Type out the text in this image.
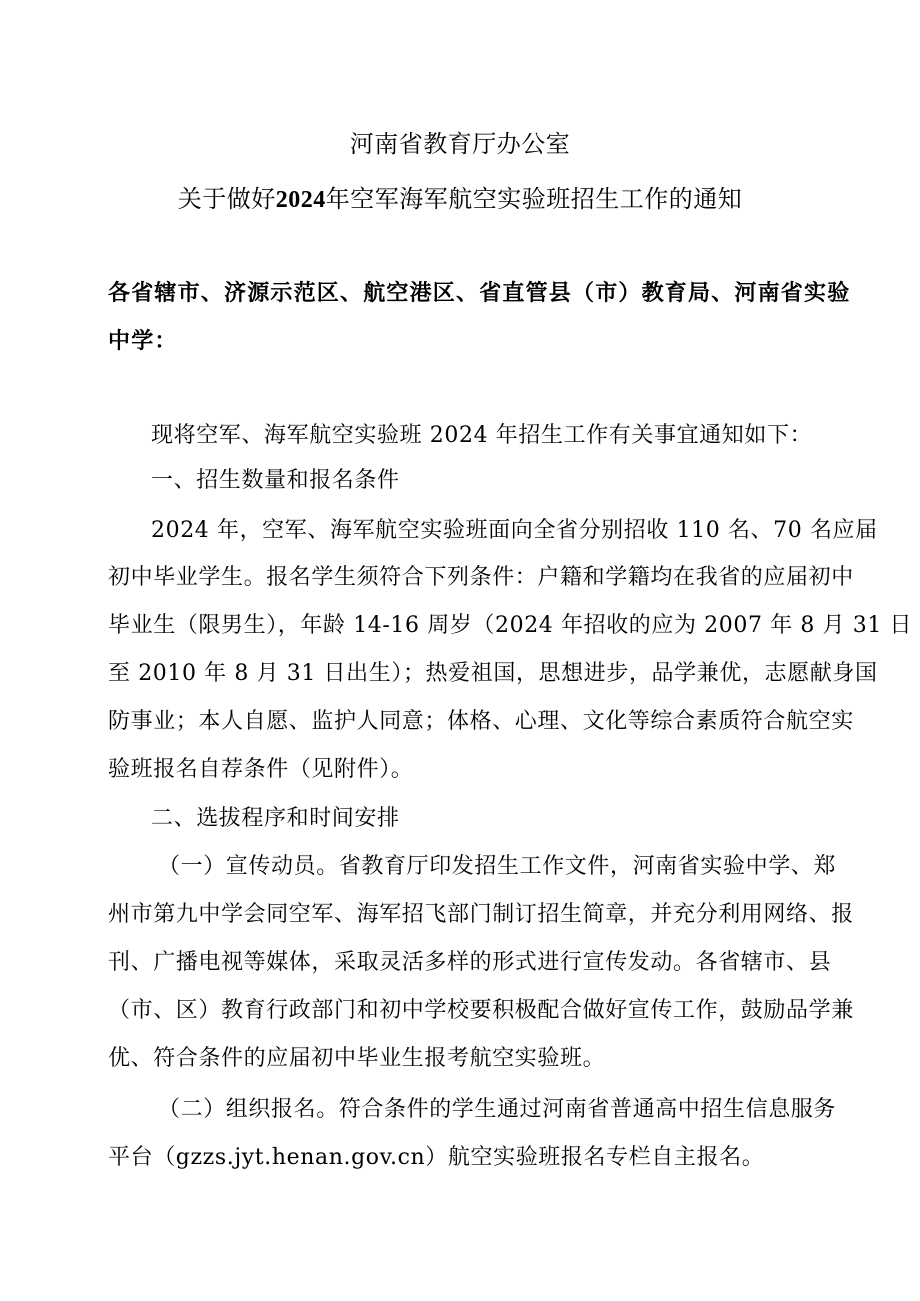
河南省教育厅办公室
关于做好2024年空军海军航空实验班招生工作的通知
各省辖市、济源示范区、航空港区、省直管县（市）教育局、河南省实验
中学：
现将空军、海军航空实验班 2024 年招生工作有关事宜通知如下：
一、招生数量和报名条件
2024 年，空军、海军航空实验班面向全省分别招收 110 名、70 名应届
初中毕业学生。报名学生须符合下列条件：户籍和学籍均在我省的应届初中
毕业生（限男生），年龄 14-16 周岁（2024 年招收的应为 2007 年 8 月 31 日
至 2010 年 8 月 31 日出生）；热爱祖国，思想进步，品学兼优，志愿献身国
防事业；本人自愿、监护人同意；体格、心理、文化等综合素质符合航空实
验班报名自荐条件（见附件）。
二、选拔程序和时间安排
（一）宣传动员。省教育厅印发招生工作文件，河南省实验中学、郑
州市第九中学会同空军、海军招飞部门制订招生简章，并充分利用网络、报
刊、广播电视等媒体，采取灵活多样的形式进行宣传发动。各省辖市、县
（市、区）教育行政部门和初中学校要积极配合做好宣传工作，鼓励品学兼
优、符合条件的应届初中毕业生报考航空实验班。
（二）组织报名。符合条件的学生通过河南省普通高中招生信息服务
平台（gzzs.jyt.henan.gov.cn）航空实验班报名专栏自主报名。
